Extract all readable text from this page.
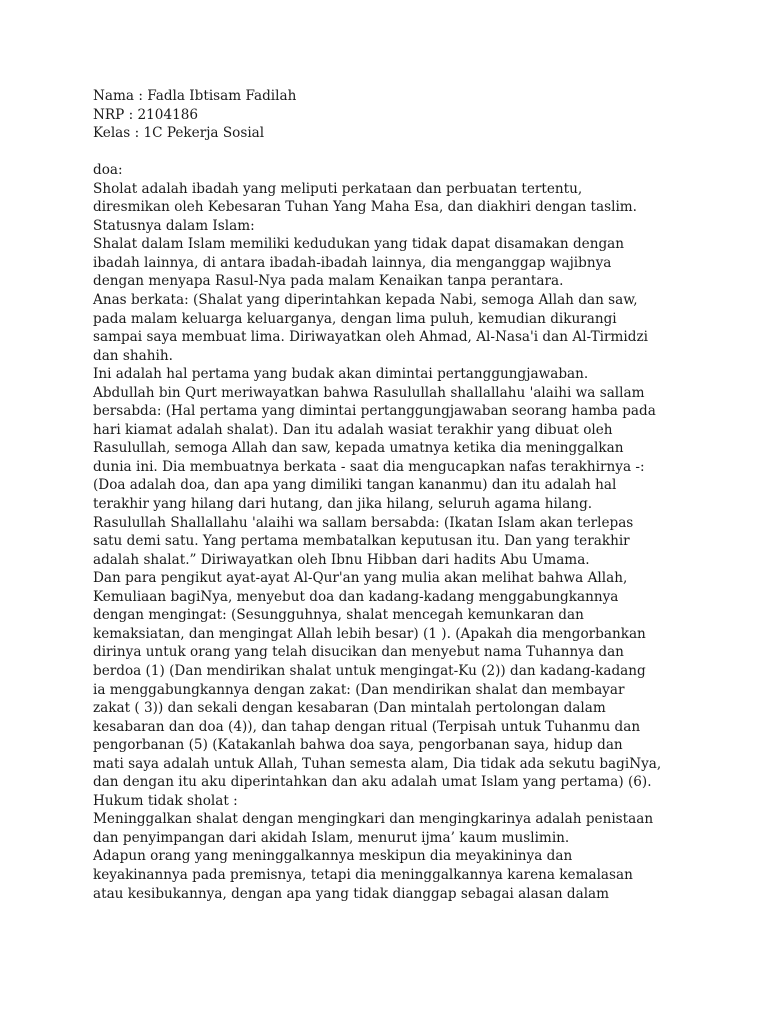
Nama : Fadla Ibtisam Fadilah
NRP : 2104186
Kelas : 1C Pekerja Sosial
doa:
Sholat adalah ibadah yang meliputi perkataan dan perbuatan tertentu,
diresmikan oleh Kebesaran Tuhan Yang Maha Esa, dan diakhiri dengan taslim.
Statusnya dalam Islam:
Shalat dalam Islam memiliki kedudukan yang tidak dapat disamakan dengan
ibadah lainnya, di antara ibadah-ibadah lainnya, dia menganggap wajibnya
dengan menyapa Rasul-Nya pada malam Kenaikan tanpa perantara.
Anas berkata: (Shalat yang diperintahkan kepada Nabi, semoga Allah dan saw,
pada malam keluarga keluarganya, dengan lima puluh, kemudian dikurangi
sampai saya membuat lima. Diriwayatkan oleh Ahmad, Al-Nasa'i dan Al-Tirmidzi
dan shahih.
Ini adalah hal pertama yang budak akan dimintai pertanggungjawaban.
Abdullah bin Qurt meriwayatkan bahwa Rasulullah shallallahu 'alaihi wa sallam
bersabda: (Hal pertama yang dimintai pertanggungjawaban seorang hamba pada
hari kiamat adalah shalat). Dan itu adalah wasiat terakhir yang dibuat oleh
Rasulullah, semoga Allah dan saw, kepada umatnya ketika dia meninggalkan
dunia ini. Dia membuatnya berkata - saat dia mengucapkan nafas terakhirnya -:
(Doa adalah doa, dan apa yang dimiliki tangan kananmu) dan itu adalah hal
terakhir yang hilang dari hutang, dan jika hilang, seluruh agama hilang.
Rasulullah Shallallahu 'alaihi wa sallam bersabda: (Ikatan Islam akan terlepas
satu demi satu. Yang pertama membatalkan keputusan itu. Dan yang terakhir
adalah shalat.” Diriwayatkan oleh Ibnu Hibban dari hadits Abu Umama.
Dan para pengikut ayat-ayat Al-Qur'an yang mulia akan melihat bahwa Allah,
Kemuliaan bagiNya, menyebut doa dan kadang-kadang menggabungkannya
dengan mengingat: (Sesungguhnya, shalat mencegah kemunkaran dan
kemaksiatan, dan mengingat Allah lebih besar) (1 ). (Apakah dia mengorbankan
dirinya untuk orang yang telah disucikan dan menyebut nama Tuhannya dan
berdoa (1) (Dan mendirikan shalat untuk mengingat-Ku (2)) dan kadang-kadang
ia menggabungkannya dengan zakat: (Dan mendirikan shalat dan membayar
zakat ( 3)) dan sekali dengan kesabaran (Dan mintalah pertolongan dalam
kesabaran dan doa (4)), dan tahap dengan ritual (Terpisah untuk Tuhanmu dan
pengorbanan (5) (Katakanlah bahwa doa saya, pengorbanan saya, hidup dan
mati saya adalah untuk Allah, Tuhan semesta alam, Dia tidak ada sekutu bagiNya,
dan dengan itu aku diperintahkan dan aku adalah umat Islam yang pertama) (6).
Hukum tidak sholat :
Meninggalkan shalat dengan mengingkari dan mengingkarinya adalah penistaan
dan penyimpangan dari akidah Islam, menurut ijma’ kaum muslimin.
Adapun orang yang meninggalkannya meskipun dia meyakininya dan
keyakinannya pada premisnya, tetapi dia meninggalkannya karena kemalasan
atau kesibukannya, dengan apa yang tidak dianggap sebagai alasan dalam
